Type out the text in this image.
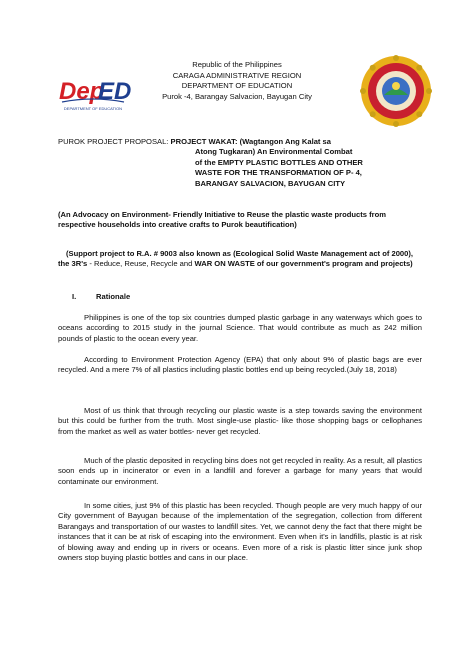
Dep
ED
DEPARTMENT OF EDUCATION
Republic of the Philippines
CARAGA ADMINISTRATIVE REGION
DEPARTMENT OF EDUCATION
Purok -4, Barangay Salvacion, Bayugan City
PUROK PROJECT PROPOSAL: PROJECT WAKAT: (Wagtangon Ang Kalat sa
Atong Tugkaran) An Environmental Combat
of the EMPTY PLASTIC BOTTLES AND OTHER
WASTE FOR THE TRANSFORMATION OF P- 4,
BARANGAY SALVACION, BAYUGAN CITY
(An Advocacy on Environment- Friendly Initiative to Reuse the plastic waste products from respective households into creative crafts to Purok beautification)
(Support project to R.A. # 9003 also known as (Ecological Solid Waste Management act of 2000), the 3R's - Reduce, Reuse, Recycle and WAR ON WASTE of our government's program and projects)
I.	Rationale
Philippines is one of the top six countries dumped plastic garbage in any waterways which goes to oceans according to 2015 study in the journal Science. That would contribute as much as 242 million pounds of plastic to the ocean every year.
According to Environment Protection Agency (EPA) that only about 9% of plastic bags are ever recycled. And a mere 7% of all plastics including plastic bottles end up being recycled.(July 18, 2018)
Most of us think that through recycling our plastic waste is a step towards saving the environment but this could be further from the truth. Most single-use plastic- like those shopping bags or cellophanes from the market as well as water bottles- never get recycled.
Much of the plastic deposited in recycling bins does not get recycled in reality. As a result, all plastics soon ends up in incinerator or even in a landfill and forever a garbage for many years that would contaminate our environment.
In some cities, just 9% of this plastic has been recycled. Though people are very much happy of our City government of Bayugan because of the implementation of the segregation, collection from different Barangays and transportation of our wastes to landfill sites. Yet, we cannot deny the fact that there might be instances that it can be at risk of escaping into the environment. Even when it's in landfills, plastic is at risk of blowing away and ending up in rivers or oceans. Even more of a risk is plastic litter since junk shop owners stop buying plastic bottles and cans in our place.
